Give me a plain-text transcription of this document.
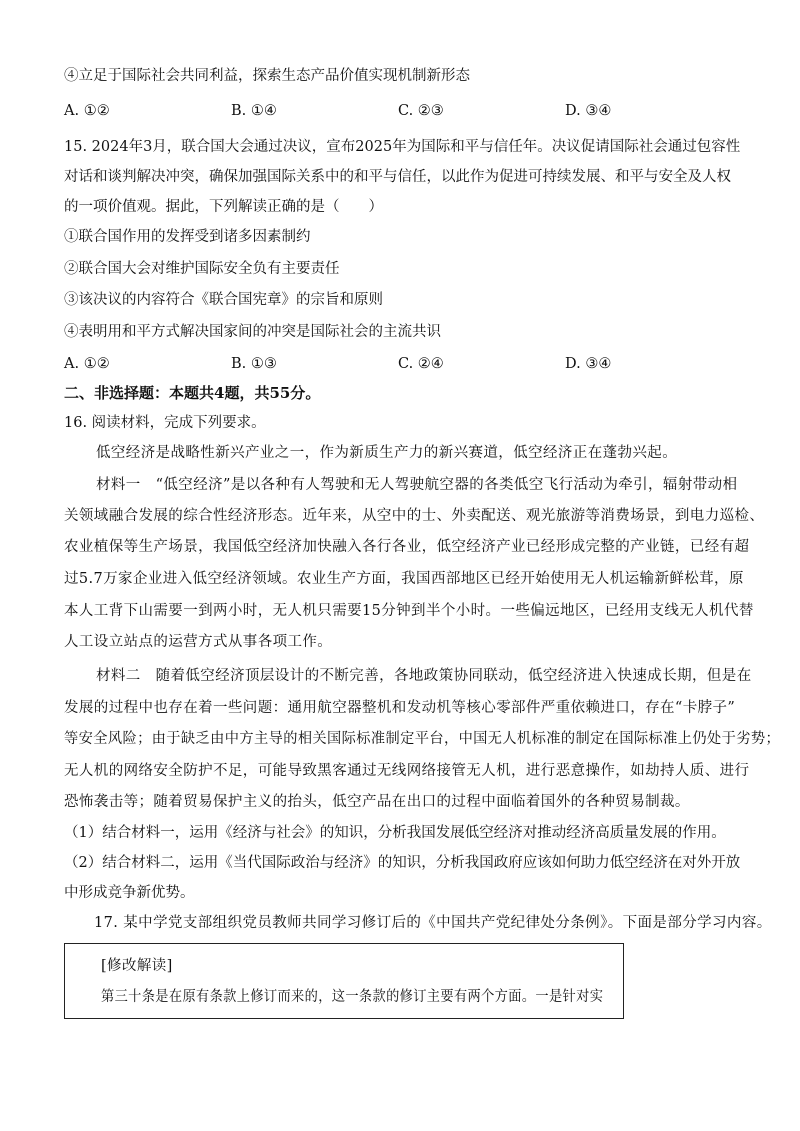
④立足于国际社会共同利益，探索生态产品价值实现机制新形态
A. ①②	B. ①④	C. ②③	D. ③④
15. 2024年3月，联合国大会通过决议，宣布2025年为国际和平与信任年。决议促请国际社会通过包容性
对话和谈判解决冲突，确保加强国际关系中的和平与信任，以此作为促进可持续发展、和平与安全及人权
的一项价值观。据此，下列解读正确的是（　　）
①联合国作用的发挥受到诸多因素制约
②联合国大会对维护国际安全负有主要责任
③该决议的内容符合《联合国宪章》的宗旨和原则
④表明用和平方式解决国家间的冲突是国际社会的主流共识
A. ①②	B. ①③	C. ②④	D. ③④
二、非选择题：本题共4题，共55分。
16. 阅读材料，完成下列要求。
低空经济是战略性新兴产业之一，作为新质生产力的新兴赛道，低空经济正在蓬勃兴起。
材料一　“低空经济”是以各种有人驾驶和无人驾驶航空器的各类低空飞行活动为牵引，辐射带动相
关领域融合发展的综合性经济形态。近年来，从空中的士、外卖配送、观光旅游等消费场景，到电力巡检、
农业植保等生产场景，我国低空经济加快融入各行各业，低空经济产业已经形成完整的产业链，已经有超
过5.7万家企业进入低空经济领域。农业生产方面，我国西部地区已经开始使用无人机运输新鲜松茸，原
本人工背下山需要一到两小时，无人机只需要15分钟到半个小时。一些偏远地区，已经用支线无人机代替
人工设立站点的运营方式从事各项工作。
材料二　随着低空经济顶层设计的不断完善，各地政策协同联动，低空经济进入快速成长期，但是在
发展的过程中也存在着一些问题：通用航空器整机和发动机等核心零部件严重依赖进口，存在“卡脖子”
等安全风险；由于缺乏由中方主导的相关国际标准制定平台，中国无人机标准的制定在国际标准上仍处于劣势；
无人机的网络安全防护不足，可能导致黑客通过无线网络接管无人机，进行恶意操作，如劫持人质、进行
恐怖袭击等；随着贸易保护主义的抬头，低空产品在出口的过程中面临着国外的各种贸易制裁。
（1）结合材料一，运用《经济与社会》的知识，分析我国发展低空经济对推动经济高质量发展的作用。
（2）结合材料二，运用《当代国际政治与经济》的知识，分析我国政府应该如何助力低空经济在对外开放
中形成竞争新优势。
17. 某中学党支部组织党员教师共同学习修订后的《中国共产党纪律处分条例》。下面是部分学习内容。
[修改解读]
第三十条是在原有条款上修订而来的，这一条款的修订主要有两个方面。一是针对实
